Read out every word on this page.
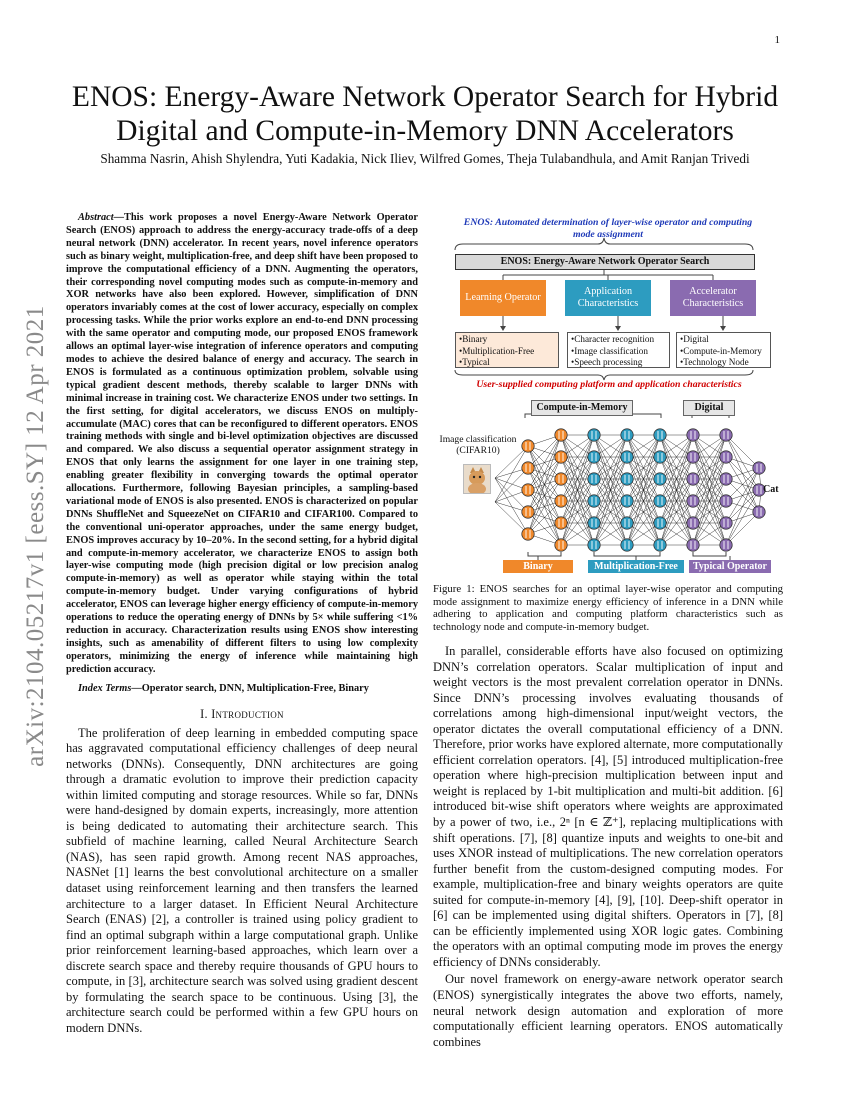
1
arXiv:2104.05217v1 [eess.SY] 12 Apr 2021
ENOS: Energy-Aware Network Operator Search for Hybrid Digital and Compute-in-Memory DNN Accelerators
Shamma Nasrin, Ahish Shylendra, Yuti Kadakia, Nick Iliev, Wilfred Gomes, Theja Tulabandhula, and Amit Ranjan Trivedi

Abstract—This work proposes a novel Energy-Aware Network Operator Search (ENOS) approach to address the energy-accuracy trade-offs of a deep neural network (DNN) accelerator. In recent years, novel inference operators such as binary weight, multiplication-free, and deep shift have been proposed to improve the computational efficiency of a DNN. Augmenting the operators, their corresponding novel computing modes such as compute-in-memory and XOR networks have also been explored. However, simplification of DNN operators invariably comes at the cost of lower accuracy, especially on complex processing tasks. While the prior works explore an end-to-end DNN processing with the same operator and computing mode, our proposed ENOS framework allows an optimal layer-wise integration of inference operators and computing modes to achieve the desired balance of energy and accuracy. The search in ENOS is formulated as a continuous optimization problem, solvable using typical gradient descent methods, thereby scalable to larger DNNs with minimal increase in training cost. We characterize ENOS under two settings. In the first setting, for digital accelerators, we discuss ENOS on multiply-accumulate (MAC) cores that can be reconfigured to different operators. ENOS training methods with single and bi-level optimization objectives are discussed and compared. We also discuss a sequential operator assignment strategy in ENOS that only learns the assignment for one layer in one training step, enabling greater flexibility in converging towards the optimal operator allocations. Furthermore, following Bayesian principles, a sampling-based variational mode of ENOS is also presented. ENOS is characterized on popular DNNs ShuffleNet and SqueezeNet on CIFAR10 and CIFAR100. Compared to the conventional uni-operator approaches, under the same energy budget, ENOS improves accuracy by 10–20%. In the second setting, for a hybrid digital and compute-in-memory accelerator, we characterize ENOS to assign both layer-wise computing mode (high precision digital or low precision analog compute-in-memory) as well as operator while staying within the total compute-in-memory budget. Under varying configurations of hybrid accelerator, ENOS can leverage higher energy efficiency of compute-in-memory operations to reduce the operating energy of DNNs by 5× while suffering <1% reduction in accuracy. Characterization results using ENOS show interesting insights, such as amenability of different filters to using low complexity operators, minimizing the energy of inference while maintaining high prediction accuracy.

Index Terms—Operator search, DNN, Multiplication-Free, Binary

I. Introduction

The proliferation of deep learning in embedded computing space has aggravated computational efficiency challenges of deep neural networks (DNNs). Consequently, DNN architectures are going through a dramatic evolution to improve their prediction capacity within limited computing and storage resources. While so far, DNNs were hand-designed by domain experts, increasingly, more attention is being dedicated to automating their architecture search. This subfield of machine learning, called Neural Architecture Search (NAS), has seen rapid growth. Among recent NAS approaches, NASNet [1] learns the best convolutional architecture on a smaller dataset using reinforcement learning and then transfers the learned architecture to a larger dataset. In Efficient Neural Architecture Search (ENAS) [2], a controller is trained using policy gradient to find an optimal subgraph within a large computational graph. Unlike prior reinforcement learning-based approaches, which learn over a discrete search space and thereby require thousands of GPU hours to compute, in [3], architecture search was solved using gradient descent by formulating the search space to be continuous. Using [3], the architecture search could be performed within a few GPU hours on modern DNNs.

ENOS: Automated determination of layer-wise operator and computing mode assignment
ENOS: Energy-Aware Network Operator Search
Learning Operator
Application Characteristics
Accelerator Characteristics
• Binary
• Multiplication-Free
• Typical
• Character recognition
• Image classification
• Speech processing
• Digital
• Compute-in-Memory
• Technology Node
User-supplied computing platform and application characteristics
Compute-in-Memory	Digital
Image classification (CIFAR10)
Cat
Binary Operator
Multiplication-Free	Typical Operator

Figure 1: ENOS searches for an optimal layer-wise operator and computing mode assignment to maximize energy efficiency of inference in a DNN while adhering to application and computing platform characteristics such as technology node and compute-in-memory budget.

In parallel, considerable efforts have also focused on optimizing DNN’s correlation operators. Scalar multiplication of input and weight vectors is the most prevalent correlation operator in DNNs. Since DNN’s processing involves evaluating thousands of correlations among high-dimensional input/weight vectors, the operator dictates the overall computational efficiency of a DNN. Therefore, prior works have explored alternate, more computationally efficient correlation operators. [4], [5] introduced multiplication-free operation where high-precision multiplication between input and weight is replaced by 1-bit multiplication and multi-bit addition. [6] introduced bit-wise shift operators where weights are approximated by a power of two, i.e., 2ⁿ [n ∈ ℤ⁺], replacing multiplications with shift operations. [7], [8] quantize inputs and weights to one-bit and uses XNOR instead of multiplications. The new correlation operators further benefit from the custom-designed computing modes. For example, multiplication-free and binary weights operators are quite suited for compute-in-memory [4], [9], [10]. Deep-shift operator in [6] can be implemented using digital shifters. Operators in [7], [8] can be efficiently implemented using XOR logic gates. Combining the operators with an optimal computing mode im proves the energy efficiency of DNNs considerably.

Our novel framework on energy-aware network operator search (ENOS) synergistically integrates the above two efforts, namely, neural network design automation and exploration of more computationally efficient learning operators. ENOS automatically combines
